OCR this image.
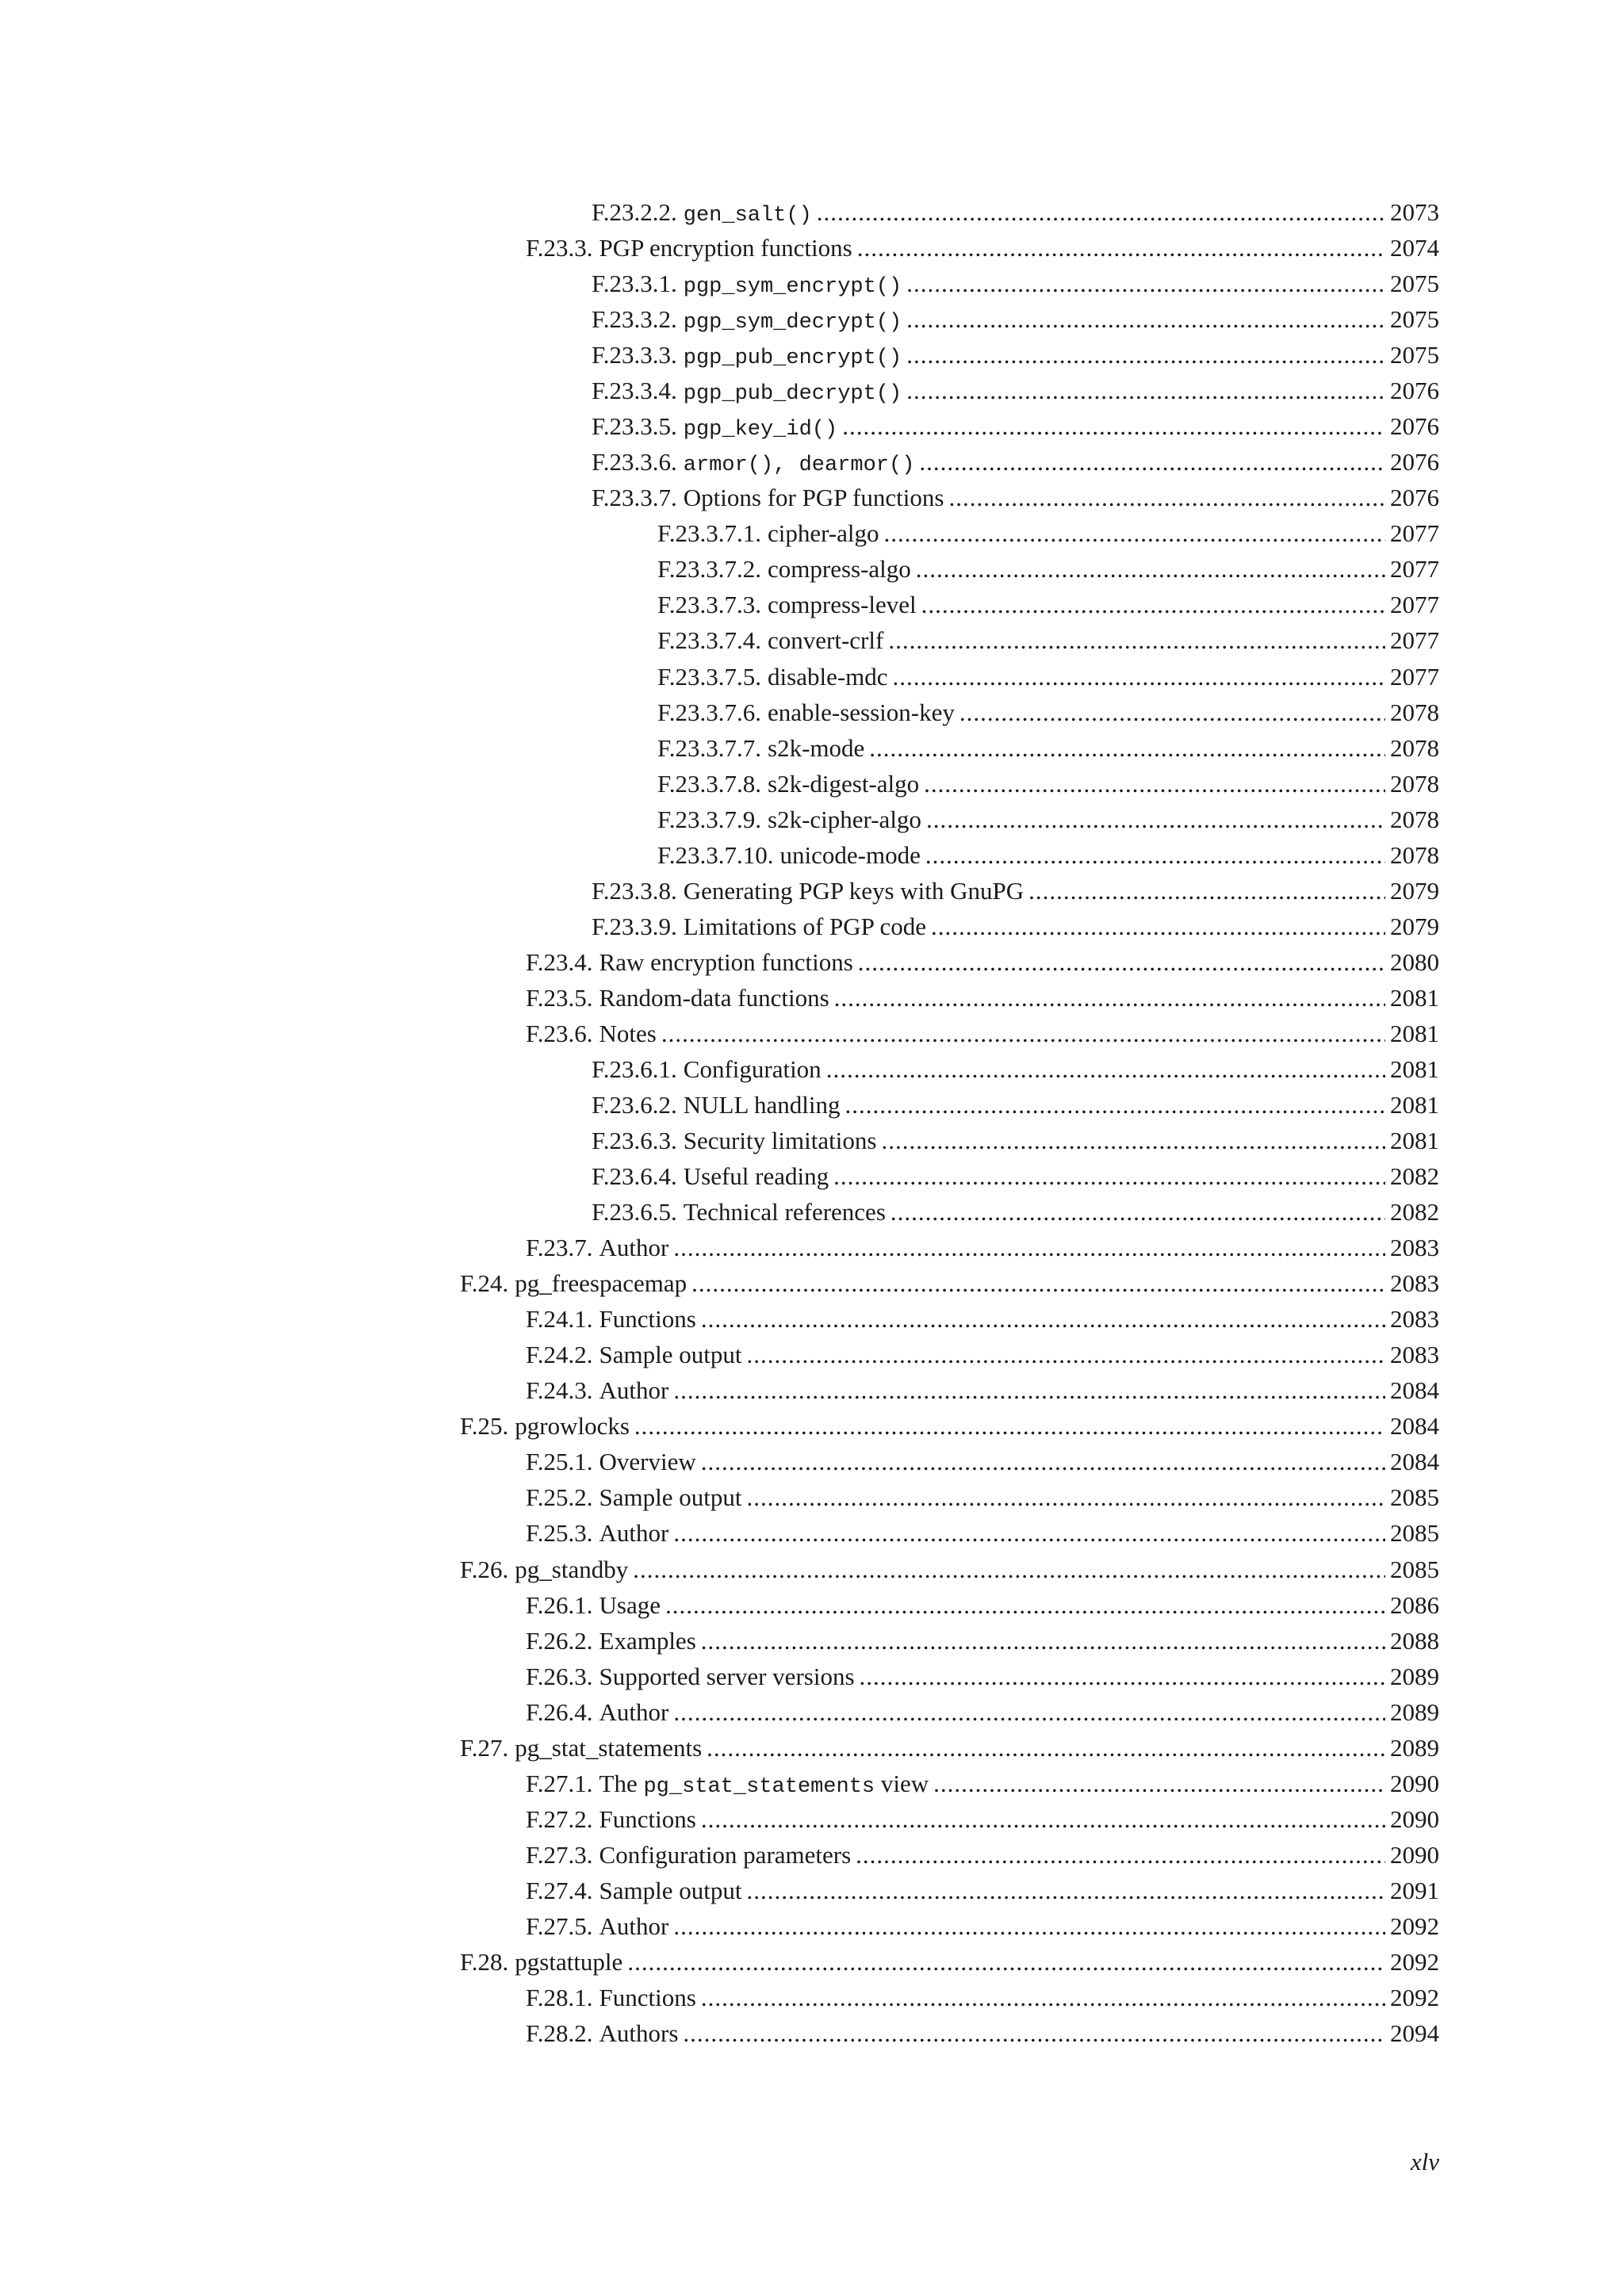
F.23.2.2. gen_salt() .....	2073
F.23.3. PGP encryption functions .....	2074
F.23.3.1. pgp_sym_encrypt() .....	2075
F.23.3.2. pgp_sym_decrypt() .....	2075
F.23.3.3. pgp_pub_encrypt() .....	2075
F.23.3.4. pgp_pub_decrypt() .....	2076
F.23.3.5. pgp_key_id() .....	2076
F.23.3.6. armor(), dearmor() .....	2076
F.23.3.7. Options for PGP functions .....	2076
F.23.3.7.1. cipher-algo .....	2077
F.23.3.7.2. compress-algo .....	2077
F.23.3.7.3. compress-level .....	2077
F.23.3.7.4. convert-crlf .....	2077
F.23.3.7.5. disable-mdc .....	2077
F.23.3.7.6. enable-session-key .....	2078
F.23.3.7.7. s2k-mode .....	2078
F.23.3.7.8. s2k-digest-algo .....	2078
F.23.3.7.9. s2k-cipher-algo .....	2078
F.23.3.7.10. unicode-mode .....	2078
F.23.3.8. Generating PGP keys with GnuPG .....	2079
F.23.3.9. Limitations of PGP code .....	2079
F.23.4. Raw encryption functions .....	2080
F.23.5. Random-data functions .....	2081
F.23.6. Notes .....	2081
F.23.6.1. Configuration .....	2081
F.23.6.2. NULL handling .....	2081
F.23.6.3. Security limitations .....	2081
F.23.6.4. Useful reading .....	2082
F.23.6.5. Technical references .....	2082
F.23.7. Author .....	2083
F.24. pg_freespacemap .....	2083
F.24.1. Functions .....	2083
F.24.2. Sample output .....	2083
F.24.3. Author .....	2084
F.25. pgrowlocks .....	2084
F.25.1. Overview .....	2084
F.25.2. Sample output .....	2085
F.25.3. Author .....	2085
F.26. pg_standby .....	2085
F.26.1. Usage .....	2086
F.26.2. Examples .....	2088
F.26.3. Supported server versions .....	2089
F.26.4. Author .....	2089
F.27. pg_stat_statements .....	2089
F.27.1. The pg_stat_statements view .....	2090
F.27.2. Functions .....	2090
F.27.3. Configuration parameters .....	2090
F.27.4. Sample output .....	2091
F.27.5. Author .....	2092
F.28. pgstattuple .....	2092
F.28.1. Functions .....	2092
F.28.2. Authors .....	2094
xlv
